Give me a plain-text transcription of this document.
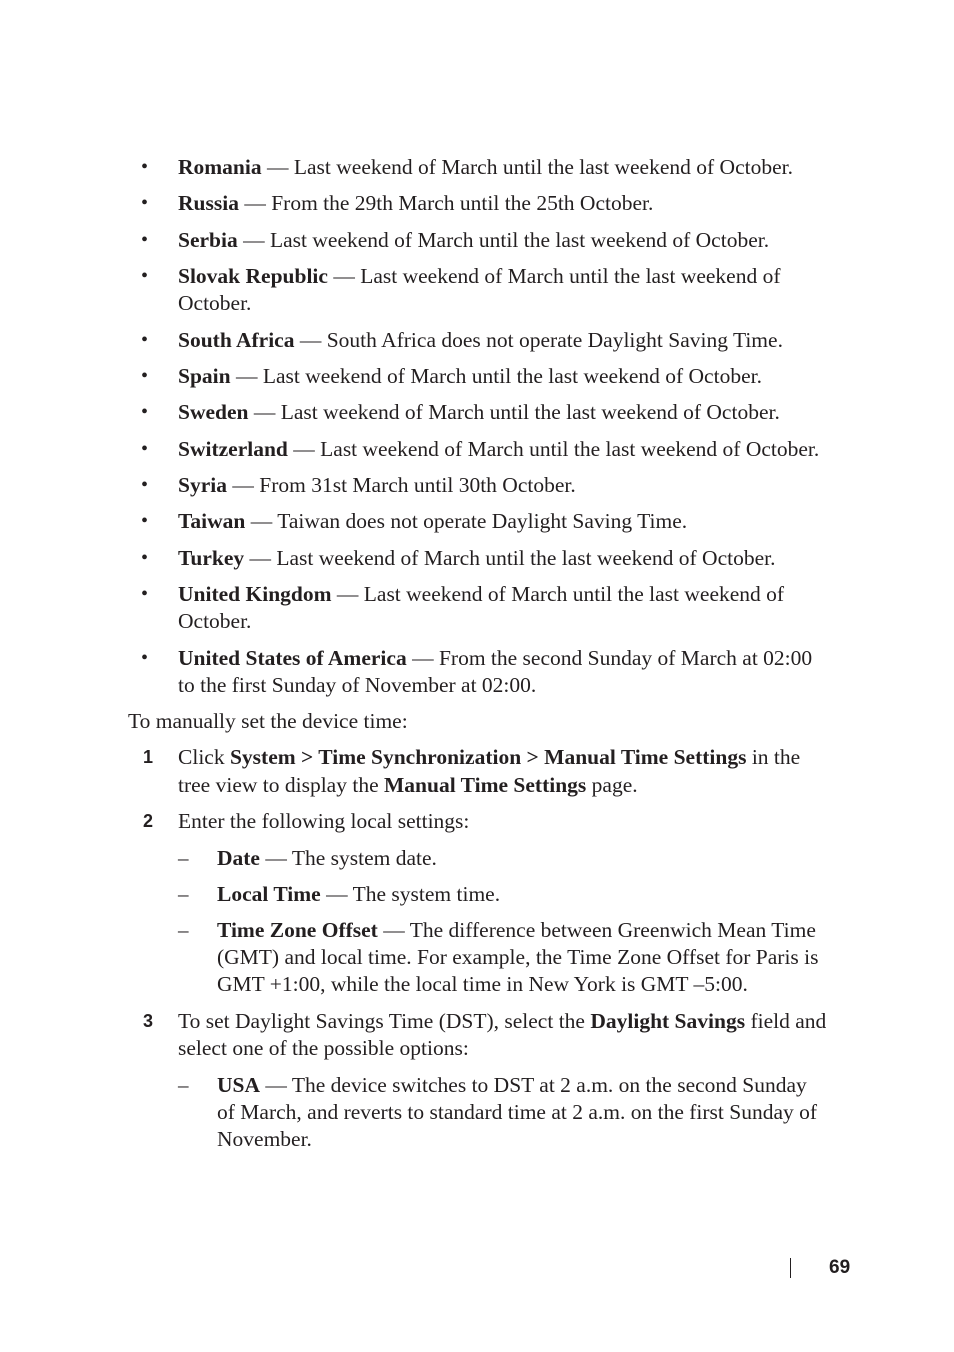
• Romania — Last weekend of March until the last weekend of October.
• Russia — From the 29th March until the 25th October.
• Serbia — Last weekend of March until the last weekend of October.
• Slovak Republic — Last weekend of March until the last weekend of
October.
• South Africa — South Africa does not operate Daylight Saving Time.
• Spain — Last weekend of March until the last weekend of October.
• Sweden — Last weekend of March until the last weekend of October.
• Switzerland — Last weekend of March until the last weekend of October.
• Syria — From 31st March until 30th October.
• Taiwan — Taiwan does not operate Daylight Saving Time.
• Turkey — Last weekend of March until the last weekend of October.
• United Kingdom — Last weekend of March until the last weekend of
October.
• United States of America — From the second Sunday of March at 02:00
to the first Sunday of November at 02:00.
To manually set the device time:
1 Click System > Time Synchronization > Manual Time Settings in the
tree view to display the Manual Time Settings page.
2 Enter the following local settings:
– Date — The system date.
– Local Time — The system time.
– Time Zone Offset — The difference between Greenwich Mean Time
(GMT) and local time. For example, the Time Zone Offset for Paris is
GMT +1:00, while the local time in New York is GMT –5:00.
3 To set Daylight Savings Time (DST), select the Daylight Savings field and
select one of the possible options:
– USA — The device switches to DST at 2 a.m. on the second Sunday
of March, and reverts to standard time at 2 a.m. on the first Sunday of
November.
69
